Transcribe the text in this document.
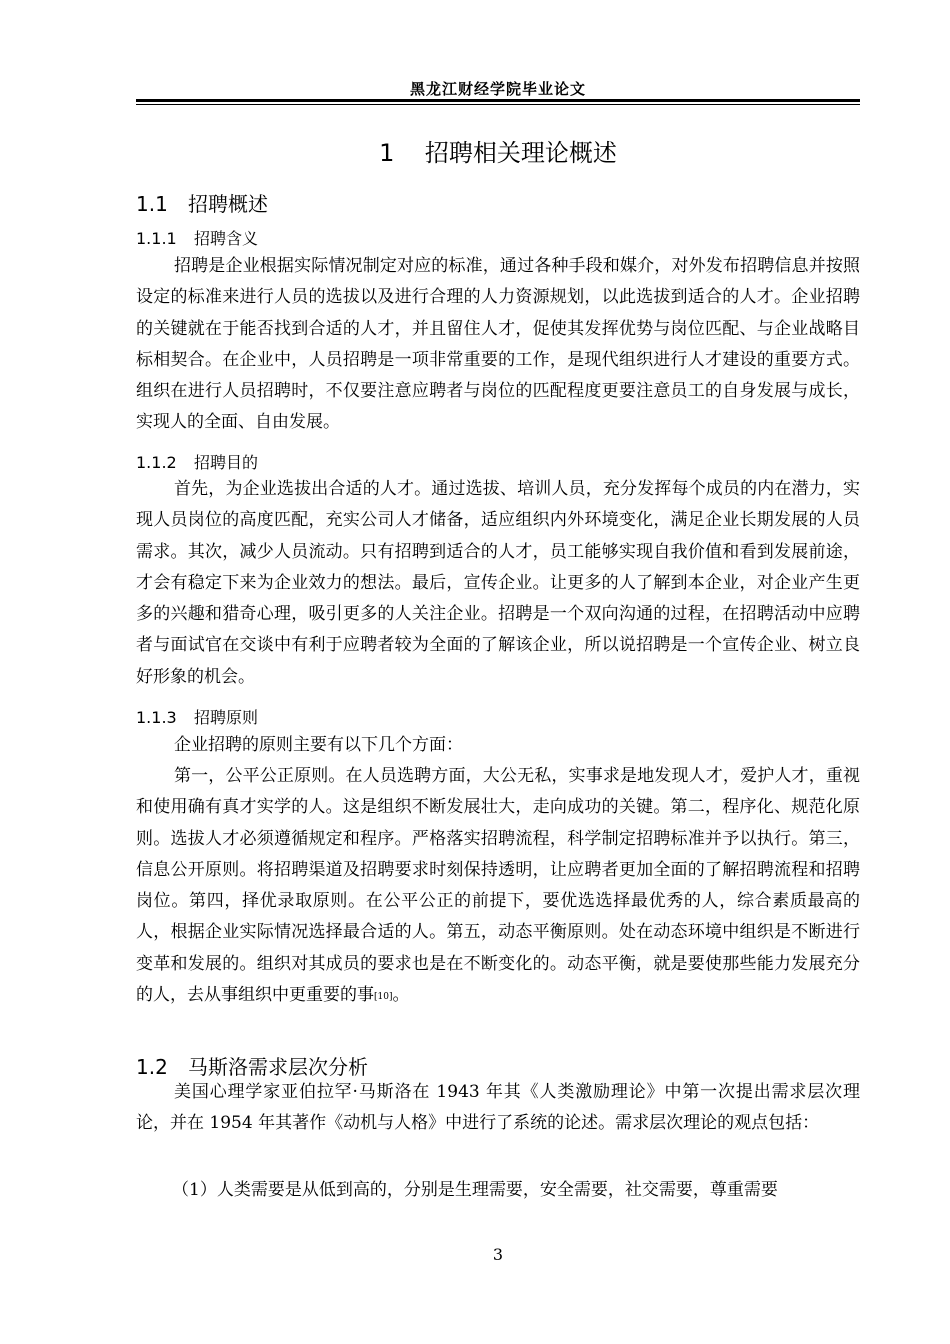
黑龙江财经学院毕业论文
1 招聘相关理论概述
1.1 招聘概述
1.1.1 招聘含义
招聘是企业根据实际情况制定对应的标准，通过各种手段和媒介，对外发布招聘信息并按照设定的标准来进行人员的选拔以及进行合理的人力资源规划，以此选拔到适合的人才。企业招聘的关键就在于能否找到合适的人才，并且留住人才，促使其发挥优势与岗位匹配、与企业战略目标相契合。在企业中，人员招聘是一项非常重要的工作，是现代组织进行人才建设的重要方式。组织在进行人员招聘时，不仅要注意应聘者与岗位的匹配程度更要注意员工的自身发展与成长，实现人的全面、自由发展。
1.1.2 招聘目的
首先，为企业选拔出合适的人才。通过选拔、培训人员，充分发挥每个成员的内在潜力，实现人员岗位的高度匹配，充实公司人才储备，适应组织内外环境变化，满足企业长期发展的人员需求。其次，减少人员流动。只有招聘到适合的人才，员工能够实现自我价值和看到发展前途，才会有稳定下来为企业效力的想法。最后，宣传企业。让更多的人了解到本企业，对企业产生更多的兴趣和猎奇心理，吸引更多的人关注企业。招聘是一个双向沟通的过程，在招聘活动中应聘者与面试官在交谈中有利于应聘者较为全面的了解该企业，所以说招聘是一个宣传企业、树立良好形象的机会。
1.1.3 招聘原则
企业招聘的原则主要有以下几个方面：
第一，公平公正原则。在人员选聘方面，大公无私，实事求是地发现人才，爱护人才，重视和使用确有真才实学的人。这是组织不断发展壮大，走向成功的关键。第二，程序化、规范化原则。选拔人才必须遵循规定和程序。严格落实招聘流程，科学制定招聘标准并予以执行。第三，信息公开原则。将招聘渠道及招聘要求时刻保持透明，让应聘者更加全面的了解招聘流程和招聘岗位。第四，择优录取原则。在公平公正的前提下，要优选选择最优秀的人，综合素质最高的人，根据企业实际情况选择最合适的人。第五，动态平衡原则。处在动态环境中组织是不断进行变革和发展的。组织对其成员的要求也是在不断变化的。动态平衡，就是要使那些能力发展充分的人，去从事组织中更重要的事[10]。
1.2 马斯洛需求层次分析
美国心理学家亚伯拉罕·马斯洛在 1943 年其《人类激励理论》中第一次提出需求层次理论，并在 1954 年其著作《动机与人格》中进行了系统的论述。需求层次理论的观点包括：
（1）人类需要是从低到高的，分别是生理需要，安全需要，社交需要，尊重需要
3
